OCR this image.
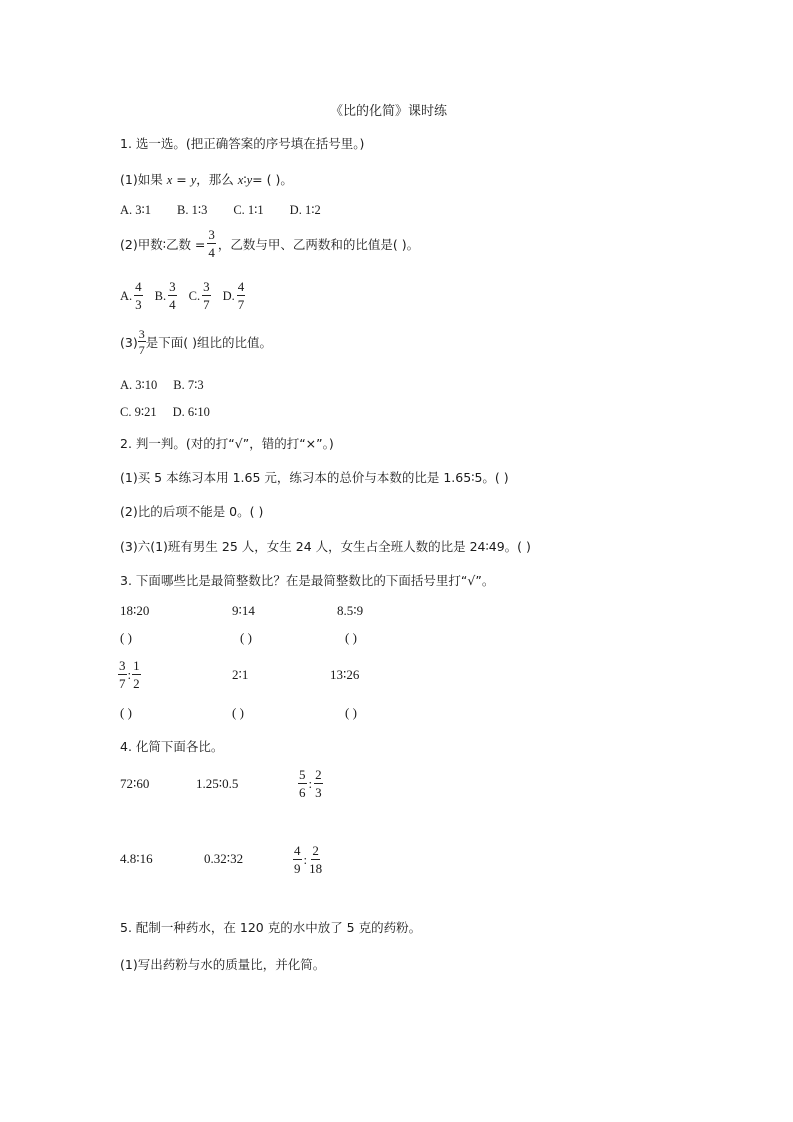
《比的化简》课时练
1. 选一选。(把正确答案的序号填在括号里。)
(1)如果 x = y，那么 x∶y= ( )。
A. 3∶1 B. 1∶3 C. 1∶1 D. 1∶2
(2)甲数∶乙数 = $\frac{3}{4}$ ，乙数与甲、乙两数和的比值是( )。
A. $\frac{4}{3} B$. $\frac{3}{4} C$. $\frac{3}{7} D$. $\frac{4}{7}$
$(3) \frac{3}{7}$ 是下面( )组比的比值。
A. 3∶10 B. 7∶3
C. 9∶21 D. 6∶10
2. 判一判。(对的打“√”，错的打“×”。)
(1)买 5 本练习本用 1.65 元，练习本的总价与本数的比是 1.65∶5。( )
(2)比的后项不能是 0。( )
(3)六(1)班有男生 25 人，女生 24 人，女生占全班人数的比是 24∶49。( )
3. 下面哪些比是最简整数比？在是最简整数比的下面括号里打“√”。
18∶20	9∶14	8.5∶9
( )	( )	( )
$\frac{3}{7}$ : $\frac{1}{2}$	2∶1	13∶26
( )	( )	( )
4. 化简下面各比。
72∶60	1.25∶0.5	$\frac{5}{6}$ : $\frac{2}{3}$
4.8∶16	0.32∶32	$\frac{4}{9}$ : $\frac{2}{18}$
5. 配制一种药水，在 120 克的水中放了 5 克的药粉。
(1)写出药粉与水的质量比，并化简。
